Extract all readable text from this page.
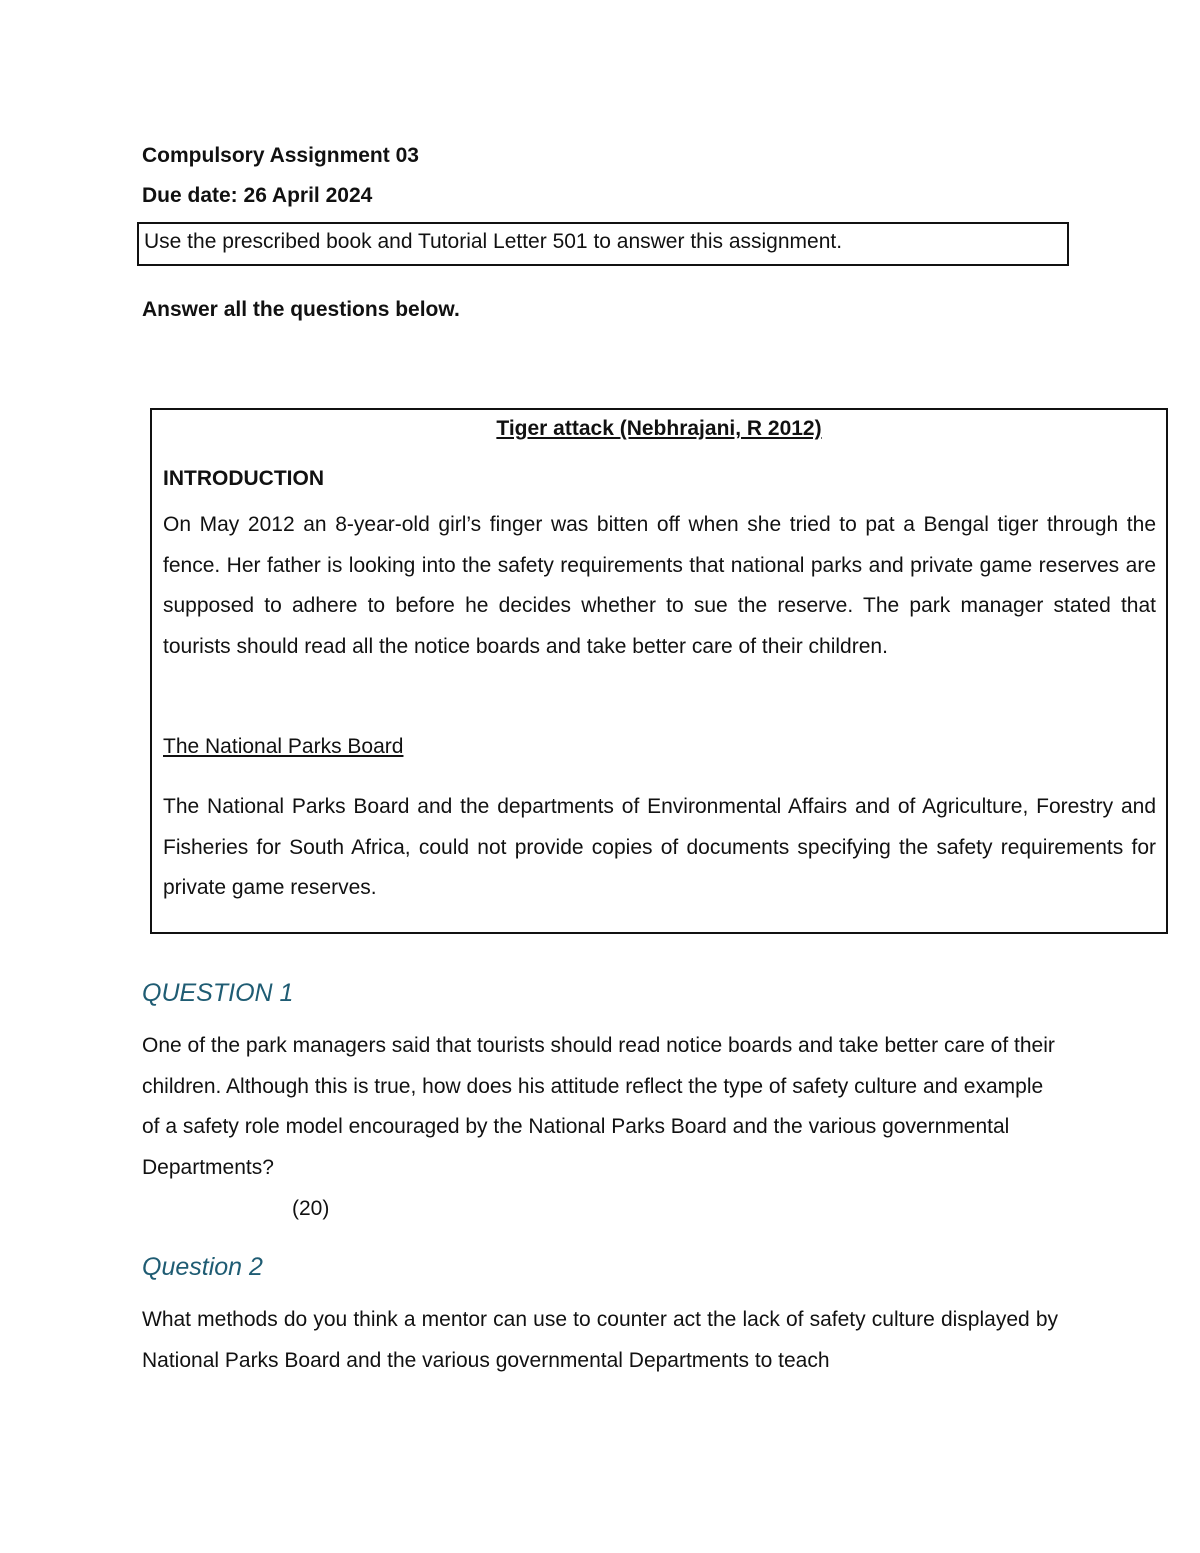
Compulsory Assignment 03

Due date: 26 April 2024

Use the prescribed book and Tutorial Letter 501 to answer this assignment.

Answer all the questions below.

Tiger attack (Nebhrajani, R 2012)

INTRODUCTION

On May 2012 an 8-year-old girl’s finger was bitten off when she tried to pat a Bengal tiger through the fence. Her father is looking into the safety requirements that national parks and private game reserves are supposed to adhere to before he decides whether to sue the reserve. The park manager stated that tourists should read all the notice boards and take better care of their children.

The National Parks Board

The National Parks Board and the departments of Environmental Affairs and of Agriculture, Forestry and Fisheries for South Africa, could not provide copies of documents specifying the safety requirements for private game reserves.

QUESTION 1

One of the park managers said that tourists should read notice boards and take better care of their children. Although this is true, how does his attitude reflect the type of safety culture and example of a safety role model encouraged by the National Parks Board and the various governmental Departments?

(20)

Question 2

What methods do you think a mentor can use to counter act the lack of safety culture displayed by National Parks Board and the various governmental Departments to teach
